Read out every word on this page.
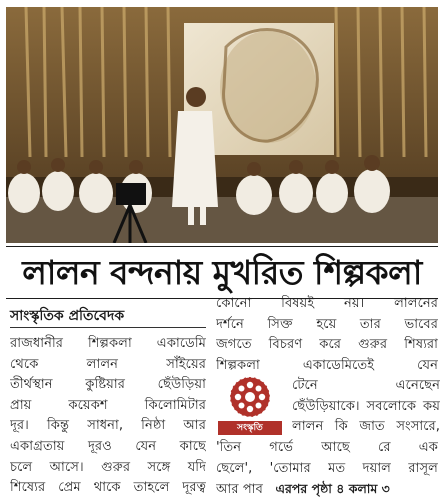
লালন বন্দনায় মুখরিত শিল্পকলা
সাংস্কৃতিক প্রতিবেদক
রাজধানীর শিল্পকলা একাডেমি
থেকে লালন সাঁইয়ের
তীর্থস্থান কুষ্টিয়ার ছেঁউড়িয়া
প্রায় কয়েকশ কিলোমিটার
দূর। কিন্তু সাধনা, নিষ্ঠা আর
একাগ্রতায় দূরও যেন কাছে
চলে আসে। গুরুর সঙ্গে যদি
শিষ্যের প্রেম থাকে তাহলে দূরত্ব
কোনো বিষয়ই নয়। লালনের
দর্শনে সিক্ত হয়ে তার ভাবের
জগতে বিচরণ করে গুরুর শিষ্যরা
শিল্পকলা একাডেমিতেই যেন
সংস্কৃতি
টেনে এনেছেন
ছেঁউড়িয়াকে। সবলোকে কয়
লালন কি জাত সংসারে,
'তিন গর্ভে আছে রে এক
ছেলে', 'তোমার মত দয়াল রাসূল
আর পাব এরপর পৃষ্ঠা ৪ কলাম ৩
